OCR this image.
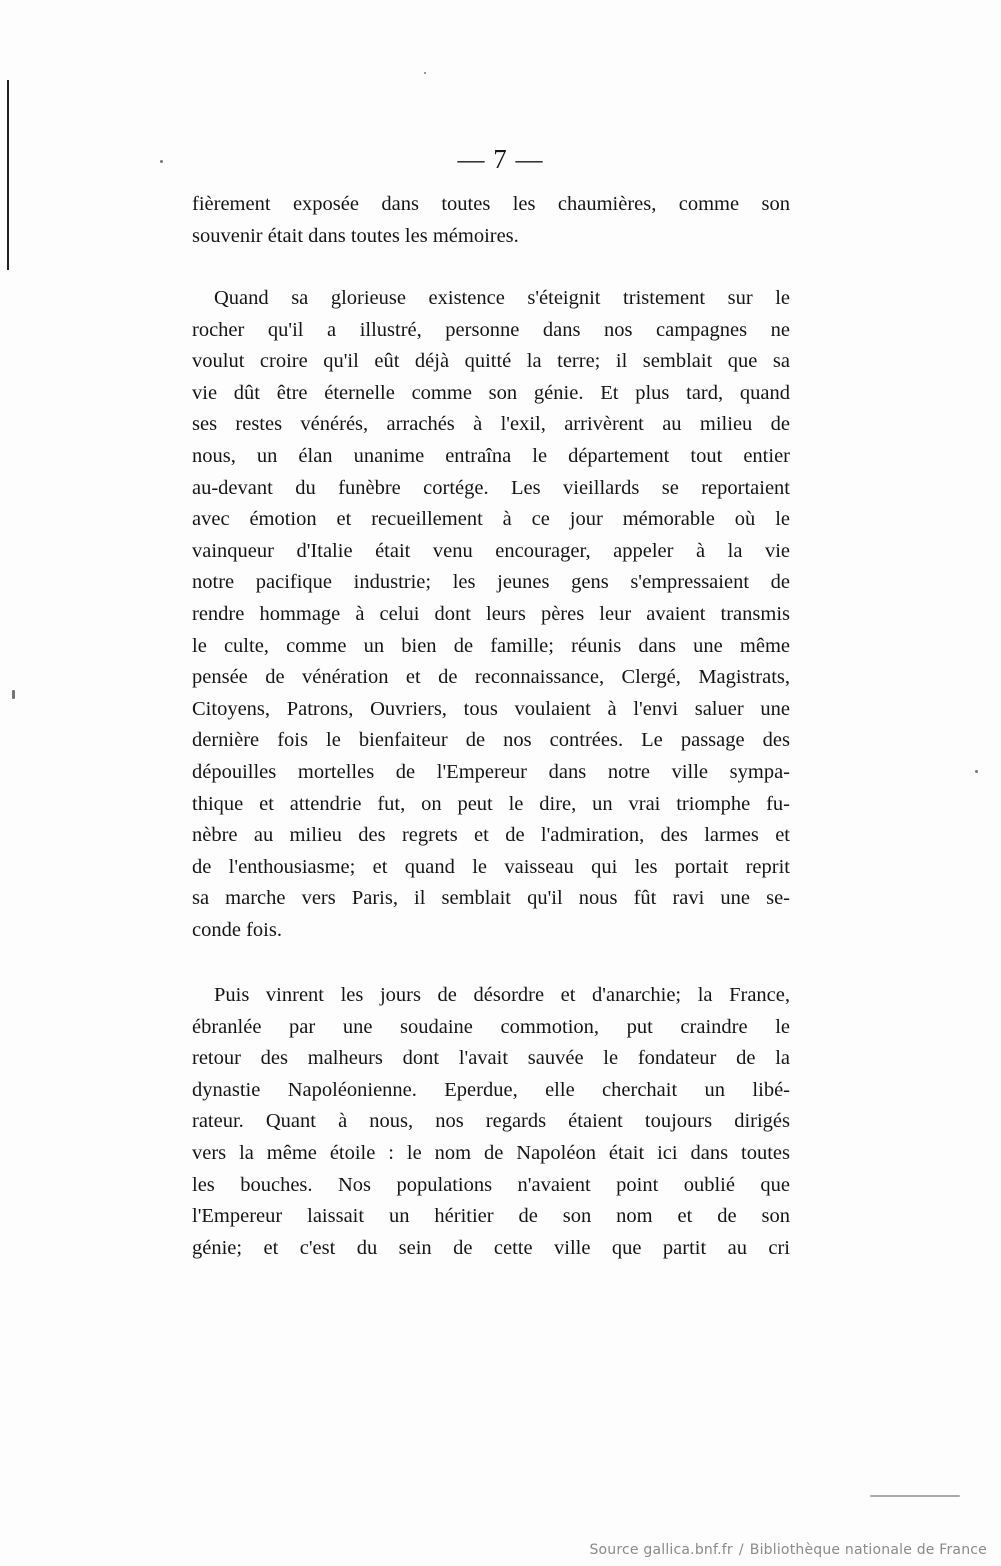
— 7 —
fièrement exposée dans toutes les chaumières, comme son
souvenir était dans toutes les mémoires.
Quand sa glorieuse existence s'éteignit tristement sur le
rocher qu'il a illustré, personne dans nos campagnes ne
voulut croire qu'il eût déjà quitté la terre; il semblait que sa
vie dût être éternelle comme son génie. Et plus tard, quand
ses restes vénérés, arrachés à l'exil, arrivèrent au milieu de
nous, un élan unanime entraîna le département tout entier
au-devant du funèbre cortége. Les vieillards se reportaient
avec émotion et recueillement à ce jour mémorable où le
vainqueur d'Italie était venu encourager, appeler à la vie
notre pacifique industrie; les jeunes gens s'empressaient de
rendre hommage à celui dont leurs pères leur avaient transmis
le culte, comme un bien de famille; réunis dans une même
pensée de vénération et de reconnaissance, Clergé, Magistrats,
Citoyens, Patrons, Ouvriers, tous voulaient à l'envi saluer une
dernière fois le bienfaiteur de nos contrées. Le passage des
dépouilles mortelles de l'Empereur dans notre ville sympa-
thique et attendrie fut, on peut le dire, un vrai triomphe fu-
nèbre au milieu des regrets et de l'admiration, des larmes et
de l'enthousiasme; et quand le vaisseau qui les portait reprit
sa marche vers Paris, il semblait qu'il nous fût ravi une se-
conde fois.
Puis vinrent les jours de désordre et d'anarchie; la France,
ébranlée par une soudaine commotion, put craindre le
retour des malheurs dont l'avait sauvée le fondateur de la
dynastie Napoléonienne. Eperdue, elle cherchait un libé-
rateur. Quant à nous, nos regards étaient toujours dirigés
vers la même étoile : le nom de Napoléon était ici dans toutes
les bouches. Nos populations n'avaient point oublié que
l'Empereur laissait un héritier de son nom et de son
génie; et c'est du sein de cette ville que partit au cri
Source gallica.bnf.fr / Bibliothèque nationale de France
